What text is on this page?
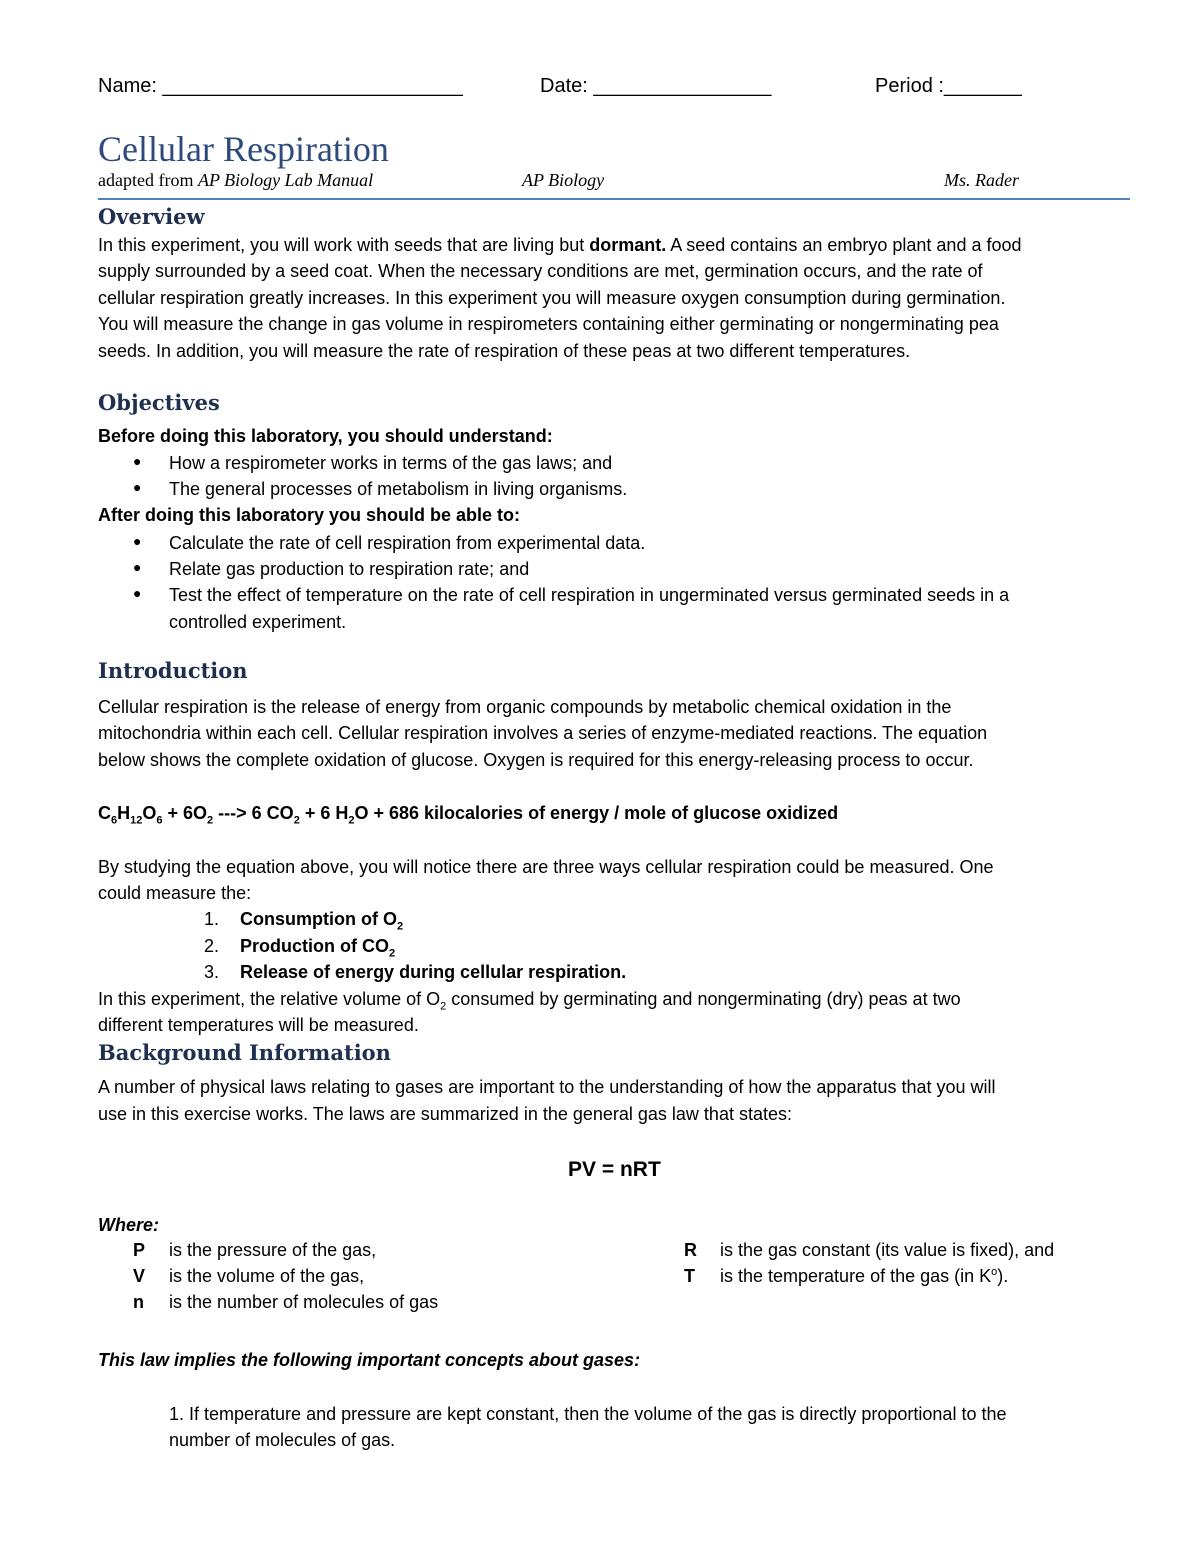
Name: ___________________________	Date: ________________	Period :_______
Cellular Respiration
adapted from AP Biology Lab Manual	AP Biology	Ms. Rader
Overview
In this experiment, you will work with seeds that are living but dormant. A seed contains an embryo plant and a food
supply surrounded by a seed coat. When the necessary conditions are met, germination occurs, and the rate of
cellular respiration greatly increases. In this experiment you will measure oxygen consumption during germination.
You will measure the change in gas volume in respirometers containing either germinating or nongerminating pea
seeds. In addition, you will measure the rate of respiration of these peas at two different temperatures.
Objectives
Before doing this laboratory, you should understand:
● How a respirometer works in terms of the gas laws; and
● The general processes of metabolism in living organisms.
After doing this laboratory you should be able to:
● Calculate the rate of cell respiration from experimental data.
● Relate gas production to respiration rate; and
● Test the effect of temperature on the rate of cell respiration in ungerminated versus germinated seeds in a
controlled experiment.
Introduction
Cellular respiration is the release of energy from organic compounds by metabolic chemical oxidation in the
mitochondria within each cell. Cellular respiration involves a series of enzyme-mediated reactions. The equation
below shows the complete oxidation of glucose. Oxygen is required for this energy-releasing process to occur.
$C_6H_{12}O_6 + 6O_2$ ---> 6 $CO_2 + 6$ $H_2O + 686$ kilocalories of energy / mole of glucose oxidized
By studying the equation above, you will notice there are three ways cellular respiration could be measured. One
could measure the:
1. Consumption of $O_2$
2. Production of $CO_2$
3. Release of energy during cellular respiration.
In this experiment, the relative volume of $O_2$ consumed by germinating and nongerminating (dry) peas at two
different temperatures will be measured.
Background Information
A number of physical laws relating to gases are important to the understanding of how the apparatus that you will
use in this exercise works. The laws are summarized in the general gas law that states:
PV = nRT
Where:
P is the pressure of the gas,
V is the volume of the gas,
n is the number of molecules of gas
R is the gas constant (its value is fixed), and
T is the temperature of the gas (in $K^o$).
This law implies the following important concepts about gases:
1. If temperature and pressure are kept constant, then the volume of the gas is directly proportional to the
number of molecules of gas.
